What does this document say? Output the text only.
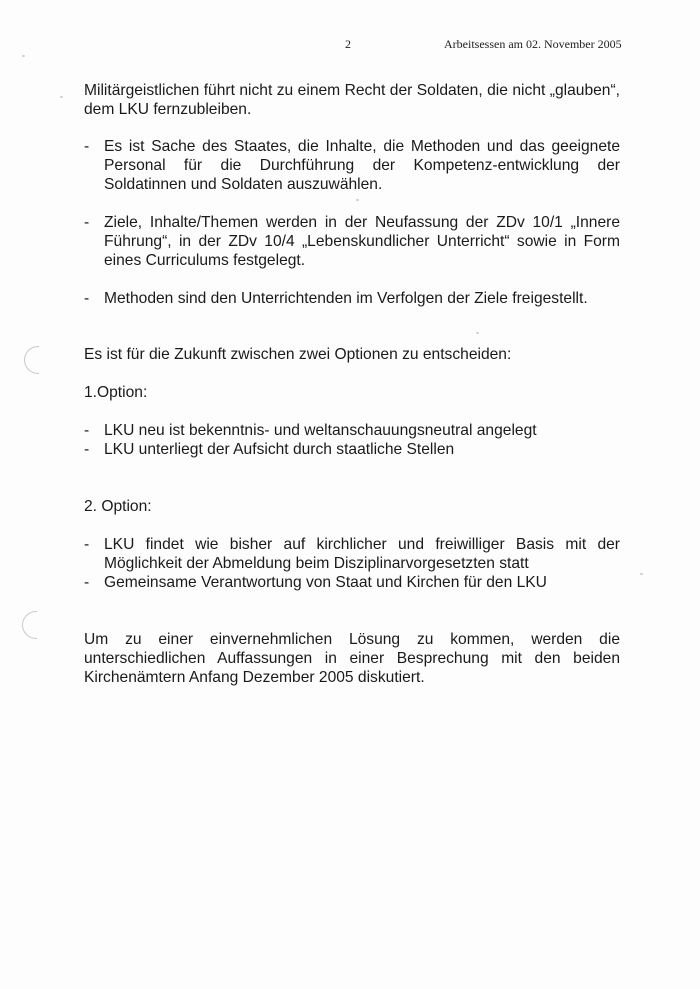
2	Arbeitsessen am 02. November 2005

Militärgeistlichen führt nicht zu einem Recht der Soldaten, die nicht „glauben“, dem LKU fernzubleiben.

- Es ist Sache des Staates, die Inhalte, die Methoden und das geeignete Personal für die Durchführung der Kompetenz-entwicklung der Soldatinnen und Soldaten auszuwählen.
- Ziele, Inhalte/Themen werden in der Neufassung der ZDv 10/1 „Innere Führung“, in der ZDv 10/4 „Lebenskundlicher Unterricht“ sowie in Form eines Curriculums festgelegt.
- Methoden sind den Unterrichtenden im Verfolgen der Ziele freigestellt.
Es ist für die Zukunft zwischen zwei Optionen zu entscheiden:
1.Option:
- LKU neu ist bekenntnis- und weltanschauungsneutral angelegt
- LKU unterliegt der Aufsicht durch staatliche Stellen
2. Option:
- LKU findet wie bisher auf kirchlicher und freiwilliger Basis mit der Möglichkeit der Abmeldung beim Disziplinarvorgesetzten statt
- Gemeinsame Verantwortung von Staat und Kirchen für den LKU

Um zu einer einvernehmlichen Lösung zu kommen, werden die unterschiedlichen Auffassungen in einer Besprechung mit den beiden Kirchenämtern Anfang Dezember 2005 diskutiert.
